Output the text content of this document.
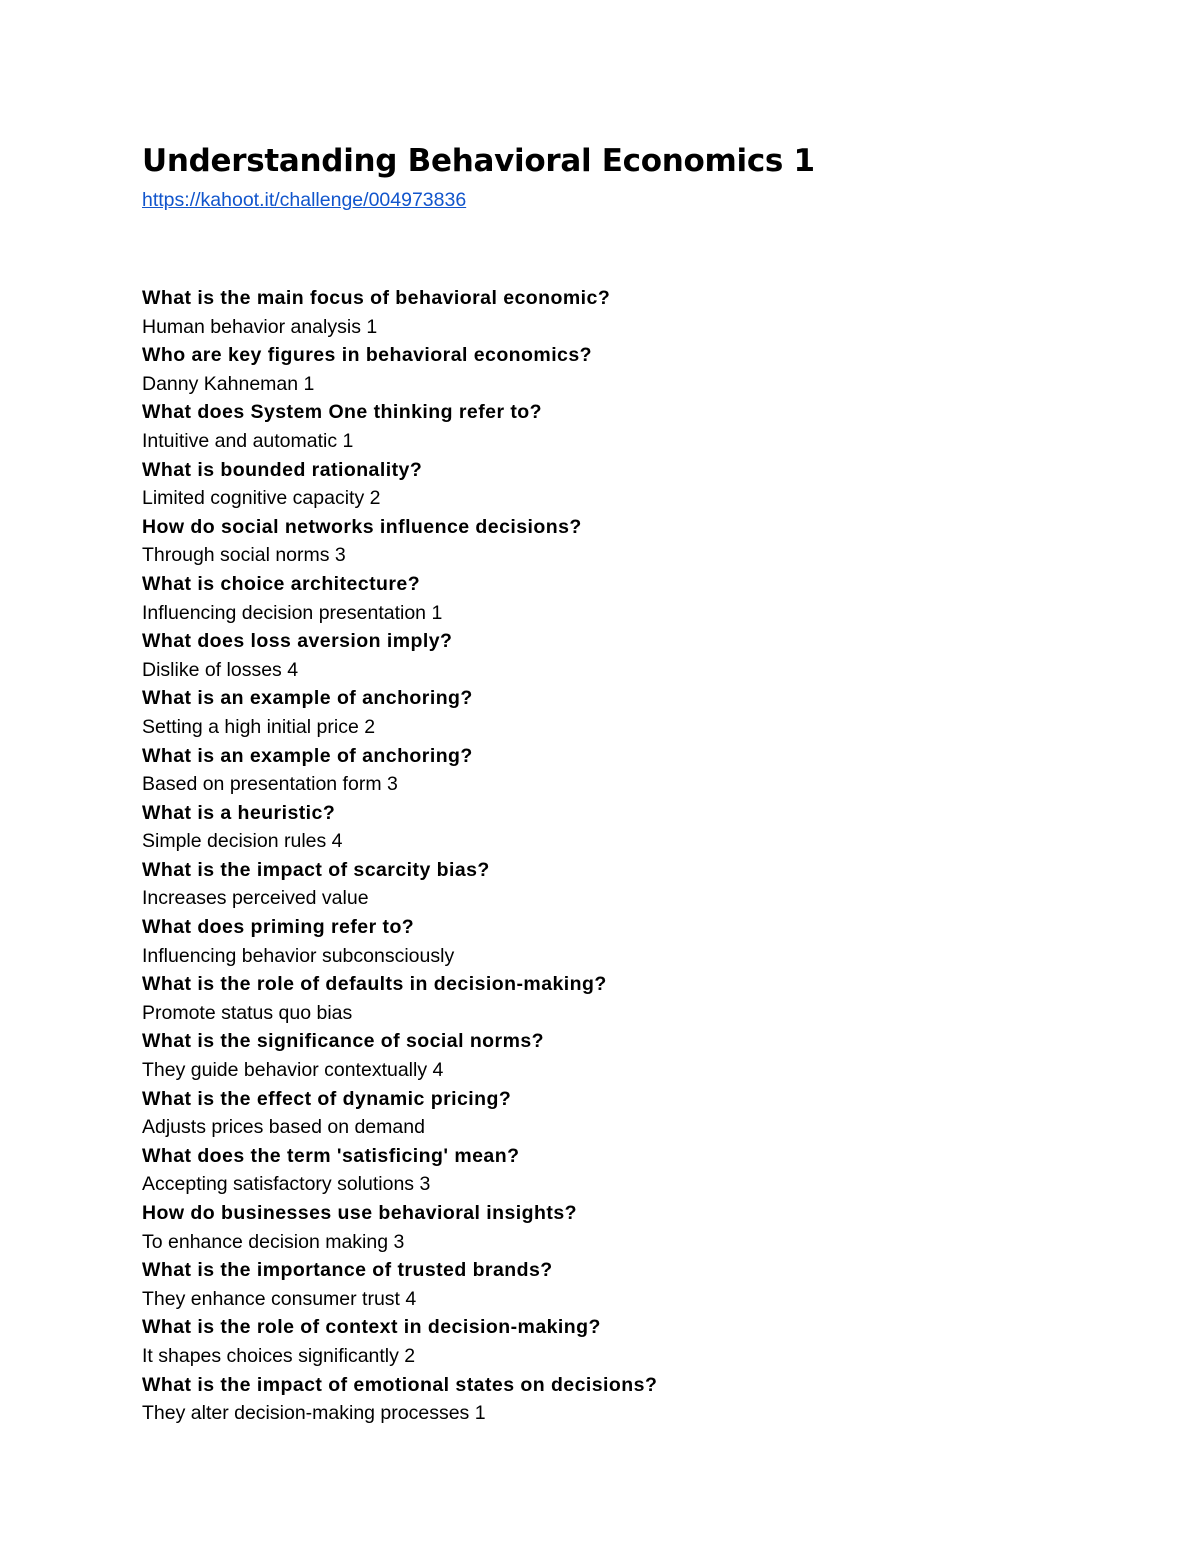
Understanding Behavioral Economics 1
https://kahoot.it/challenge/004973836
What is the main focus of behavioral economic?
Human behavior analysis 1
Who are key figures in behavioral economics?
Danny Kahneman 1
What does System One thinking refer to?
Intuitive and automatic 1
What is bounded rationality?
Limited cognitive capacity 2
How do social networks influence decisions?
Through social norms 3
What is choice architecture?
Influencing decision presentation 1
What does loss aversion imply?
Dislike of losses 4
What is an example of anchoring?
Setting a high initial price 2
What is an example of anchoring?
Based on presentation form 3
What is a heuristic?
Simple decision rules 4
What is the impact of scarcity bias?
Increases perceived value
What does priming refer to?
Influencing behavior subconsciously
What is the role of defaults in decision-making?
Promote status quo bias
What is the significance of social norms?
They guide behavior contextually 4
What is the effect of dynamic pricing?
Adjusts prices based on demand
What does the term 'satisficing' mean?
Accepting satisfactory solutions 3
How do businesses use behavioral insights?
To enhance decision making 3
What is the importance of trusted brands?
They enhance consumer trust 4
What is the role of context in decision-making?
It shapes choices significantly 2
What is the impact of emotional states on decisions?
They alter decision-making processes 1
